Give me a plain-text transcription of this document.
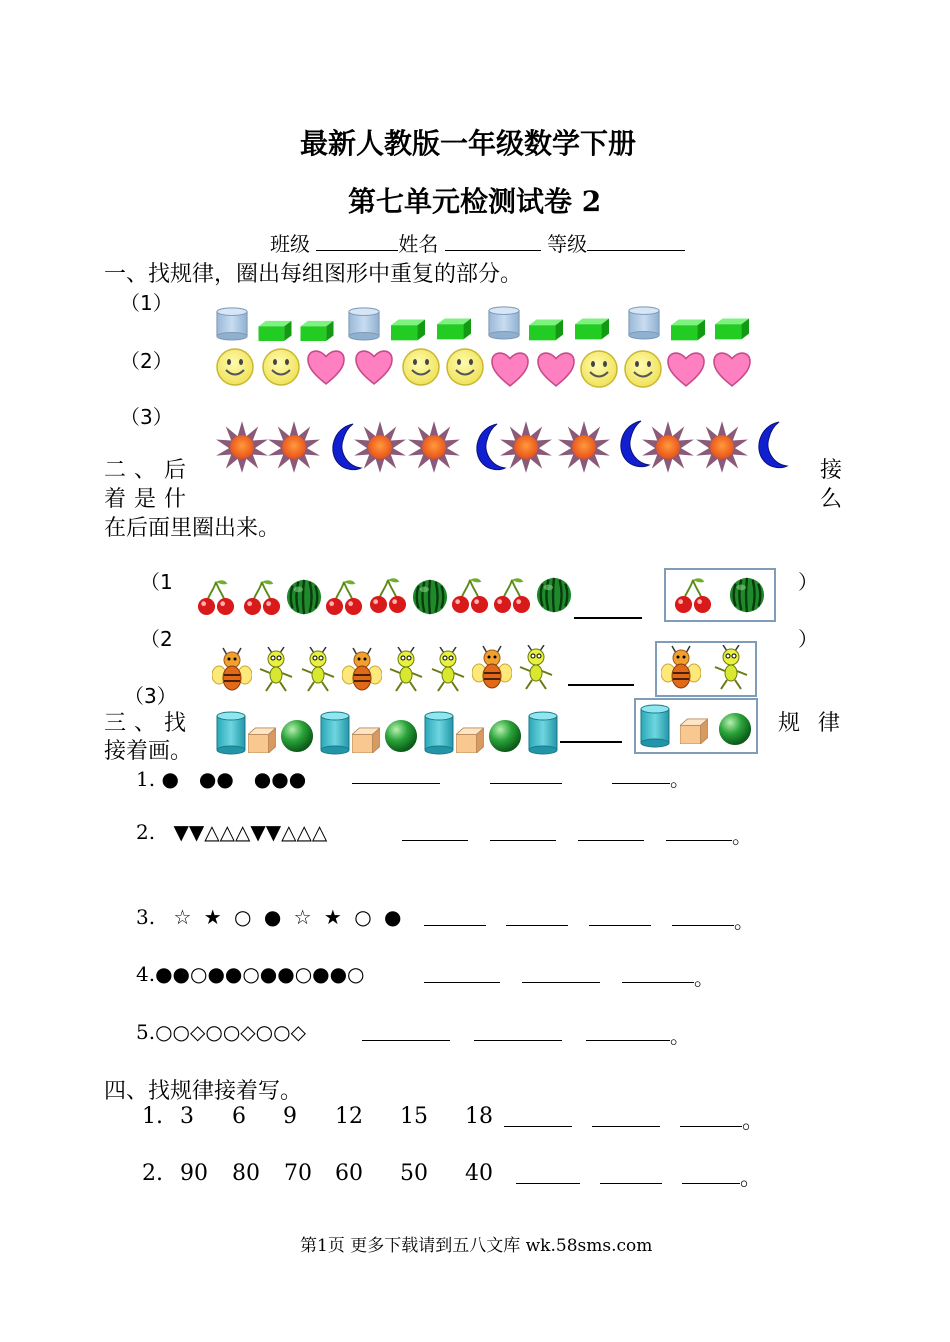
最新人教版一年级数学下册
第七单元检测试卷 2
班级	姓名	等级
一、找规律，圈出每组图形中重复的部分。
（1）
（2）
（3）
二、后	接
着是什	么
在后面里圈出来。
（1	）
（2	）
（3）
三、找	规律
接着画。
1. ●　●●　●●●	。
2. ▼▼△△△▼▼△△△	。
3. ☆ ★ ○ ● ☆ ★ ○ ●	。
4.●●○●●○●●○●●○	。
5.○○◇○○◇○○◇	。
四、找规律接着写。
1. 3 6 9 12 15 18	。
2. 90 80 70 60 50 40	。
第1页 更多下载请到五八文库 wk.58sms.com
